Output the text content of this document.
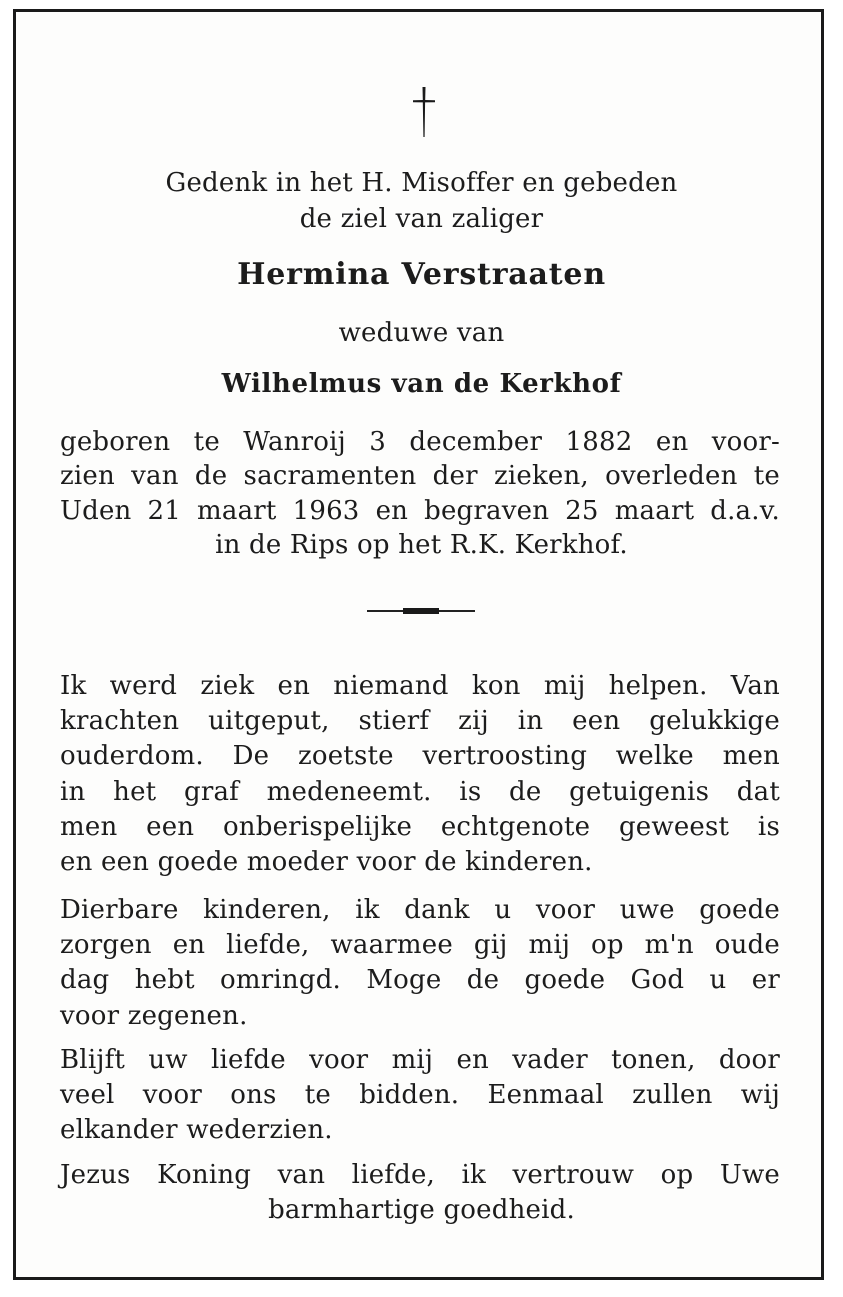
Gedenk in het H. Misoffer en gebeden
de ziel van zaliger
Hermina Verstraaten
weduwe van
Wilhelmus van de Kerkhof
geboren te Wanroij 3 december 1882 en voor-
zien van de sacramenten der zieken, overleden te
Uden 21 maart 1963 en begraven 25 maart d.a.v.
in de Rips op het R.K. Kerkhof.
Ik werd ziek en niemand kon mij helpen. Van
krachten uitgeput, stierf zij in een gelukkige
ouderdom. De zoetste vertroosting welke men
in het graf medeneemt. is de getuigenis dat
men een onberispelijke echtgenote geweest is
en een goede moeder voor de kinderen.
Dierbare kinderen, ik dank u voor uwe goede
zorgen en liefde, waarmee gij mij op m'n oude
dag hebt omringd. Moge de goede God u er
voor zegenen.
Blijft uw liefde voor mij en vader tonen, door
veel voor ons te bidden. Eenmaal zullen wij
elkander wederzien.
Jezus Koning van liefde, ik vertrouw op Uwe
barmhartige goedheid.
